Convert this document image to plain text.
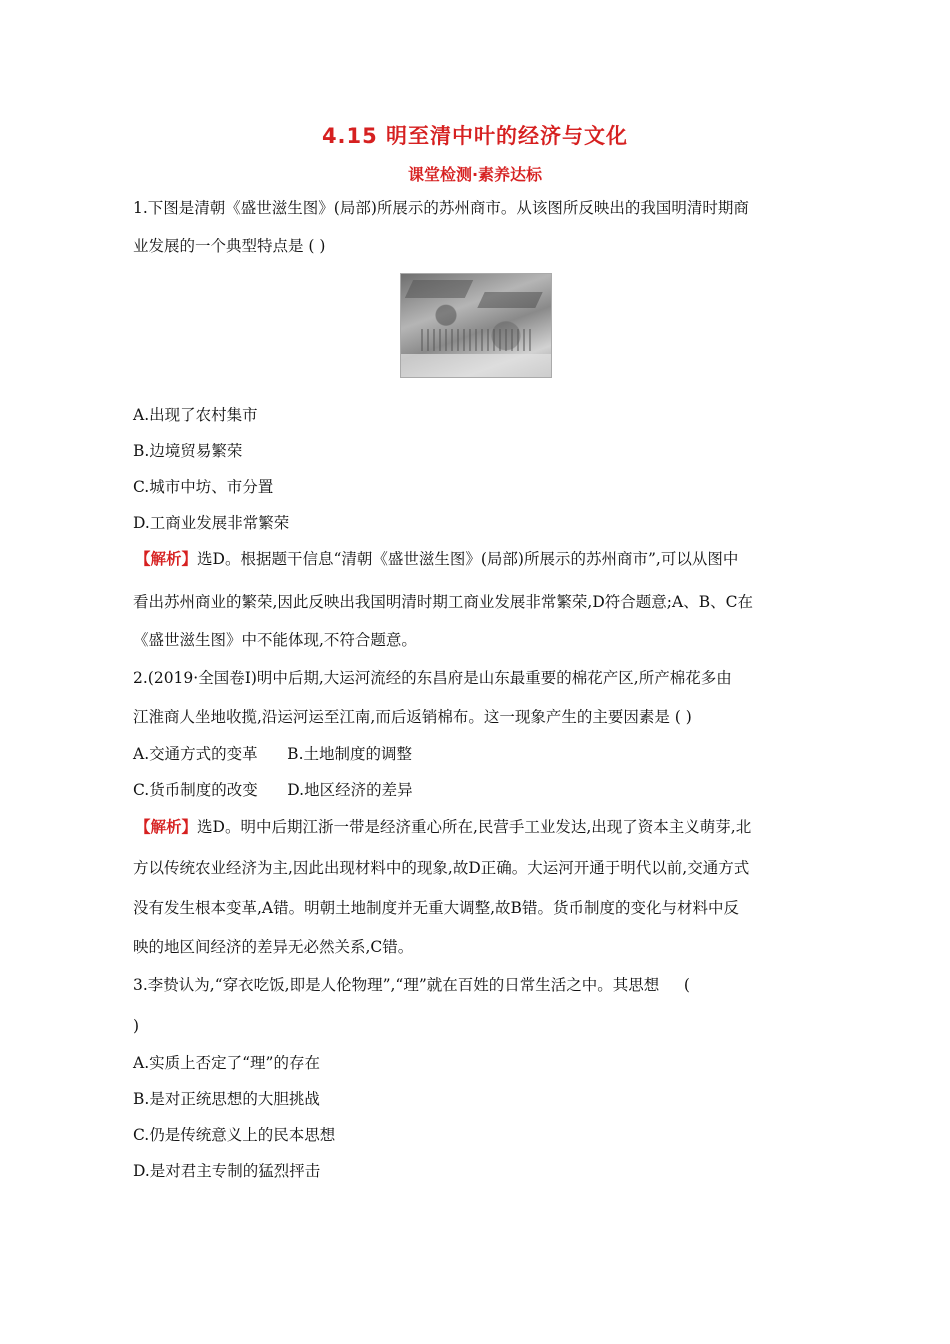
4.15 明至清中叶的经济与文化
课堂检测·素养达标
1.下图是清朝《盛世滋生图》(局部)所展示的苏州商市。从该图所反映出的我国明清时期商
业发展的一个典型特点是 ( )
A.出现了农村集市
B.边境贸易繁荣
C.城市中坊、市分置
D.工商业发展非常繁荣
【解析】选D。根据题干信息“清朝《盛世滋生图》(局部)所展示的苏州商市”,可以从图中
看出苏州商业的繁荣,因此反映出我国明清时期工商业发展非常繁荣,D符合题意;A、B、C在
《盛世滋生图》中不能体现,不符合题意。
2.(2019·全国卷Ⅰ)明中后期,大运河流经的东昌府是山东最重要的棉花产区,所产棉花多由
江淮商人坐地收揽,沿运河运至江南,而后返销棉布。这一现象产生的主要因素是 ( )
A.交通方式的变革      B.土地制度的调整
C.货币制度的改变      D.地区经济的差异
【解析】选D。明中后期江浙一带是经济重心所在,民营手工业发达,出现了资本主义萌芽,北
方以传统农业经济为主,因此出现材料中的现象,故D正确。大运河开通于明代以前,交通方式
没有发生根本变革,A错。明朝土地制度并无重大调整,故B错。货币制度的变化与材料中反
映的地区间经济的差异无必然关系,C错。
3.李贽认为,“穿衣吃饭,即是人伦物理”,“理”就在百姓的日常生活之中。其思想     (
)
A.实质上否定了“理”的存在
B.是对正统思想的大胆挑战
C.仍是传统意义上的民本思想
D.是对君主专制的猛烈抨击
